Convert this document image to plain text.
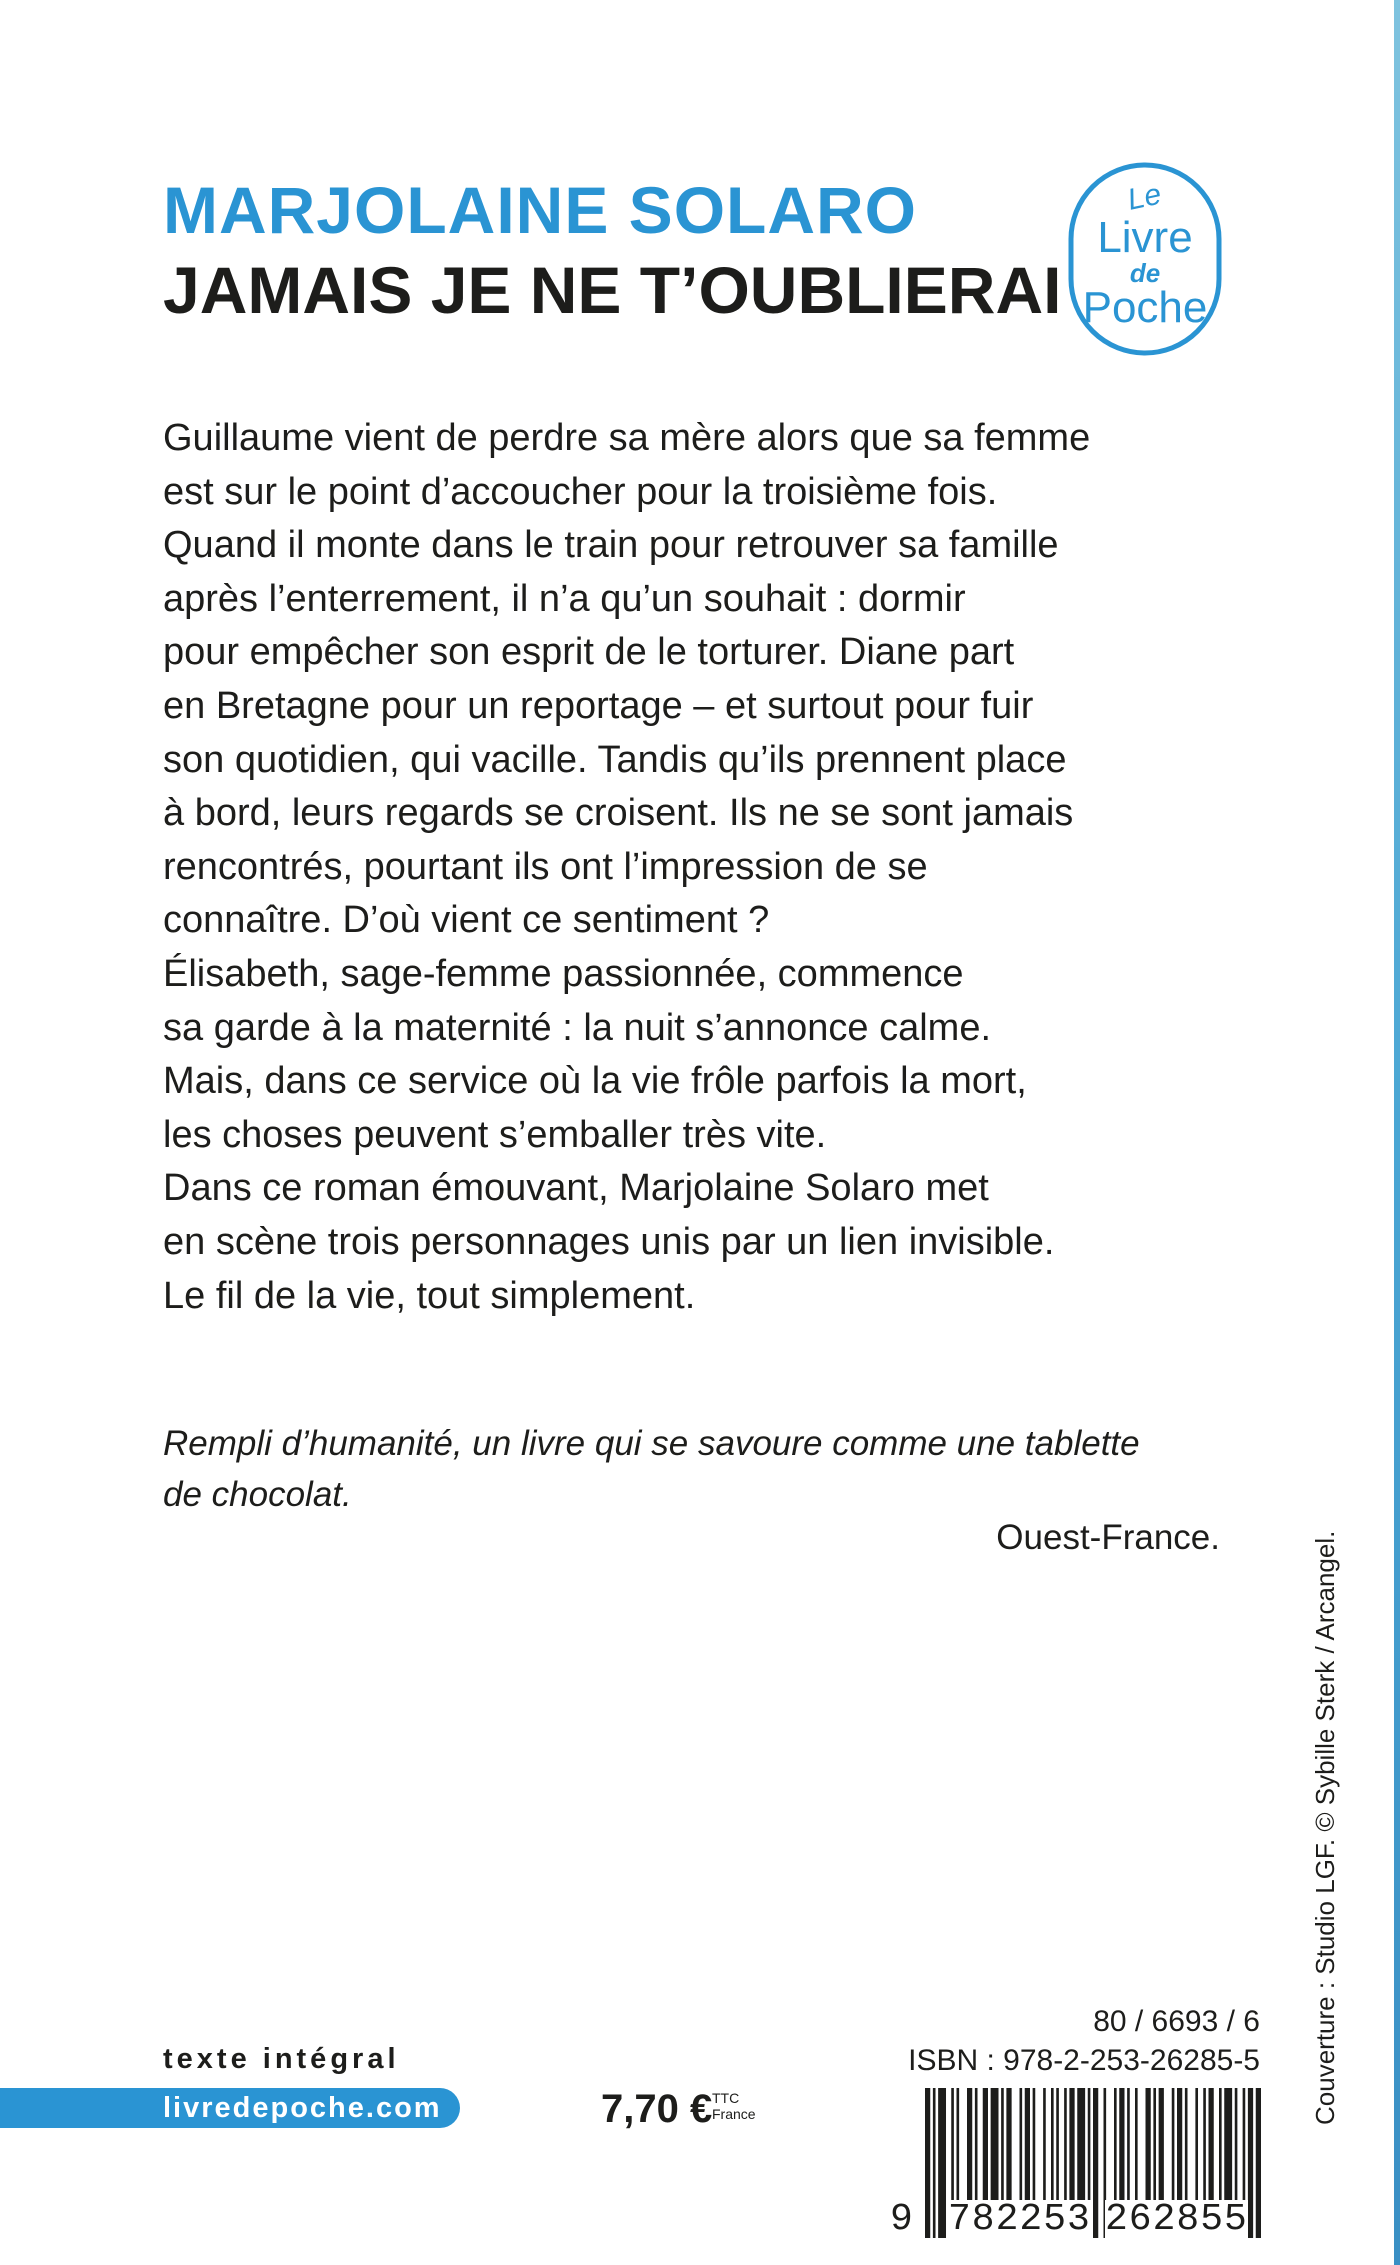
MARJOLAINE SOLARO
JAMAIS JE NE T’OUBLIERAI
Le
Livre
de
Poche
Guillaume vient de perdre sa mère alors que sa femme
est sur le point d’accoucher pour la troisième fois.
Quand il monte dans le train pour retrouver sa famille
après l’enterrement, il n’a qu’un souhait : dormir
pour empêcher son esprit de le torturer. Diane part
en Bretagne pour un reportage – et surtout pour fuir
son quotidien, qui vacille. Tandis qu’ils prennent place
à bord, leurs regards se croisent. Ils ne se sont jamais
rencontrés, pourtant ils ont l’impression de se
connaître. D’où vient ce sentiment ?
Élisabeth, sage-femme passionnée, commence
sa garde à la maternité : la nuit s’annonce calme.
Mais, dans ce service où la vie frôle parfois la mort,
les choses peuvent s’emballer très vite.
Dans ce roman émouvant, Marjolaine Solaro met
en scène trois personnages unis par un lien invisible.
Le fil de la vie, tout simplement.
Rempli d’humanité, un livre qui se savoure comme une tablette
de chocolat.
Ouest-France.	Couverture : Studio LGF. © Sybille Sterk / Arcangel.
texte intégral
livredepoche.com	7,70 € TTC
France
80 / 6693 / 6
ISBN : 978-2-253-26285-5
9 782253 262855
